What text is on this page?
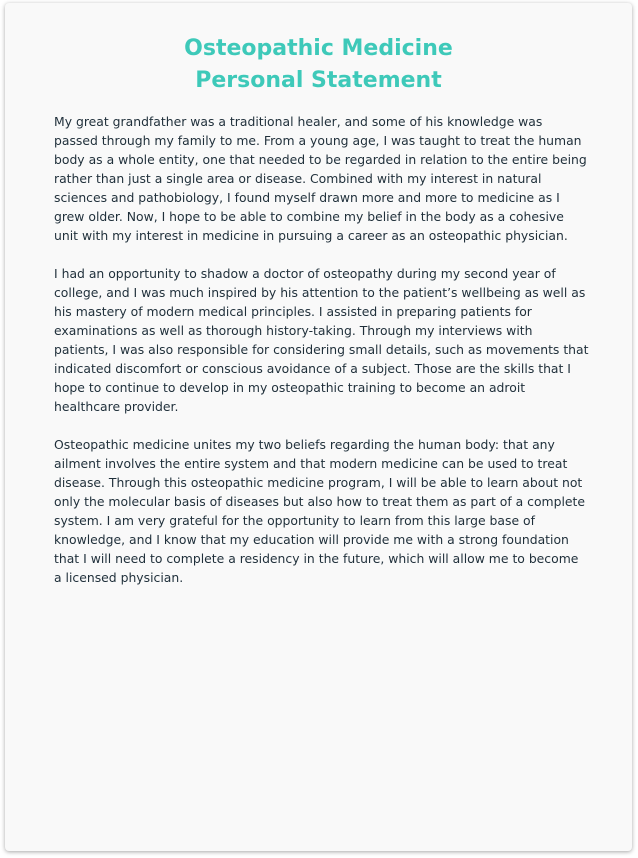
Osteopathic Medicine
Personal Statement

My great grandfather was a traditional healer, and some of his knowledge was passed through my family to me. From a young age, I was taught to treat the human body as a whole entity, one that needed to be regarded in relation to the entire being rather than just a single area or disease. Combined with my interest in natural sciences and pathobiology, I found myself drawn more and more to medicine as I grew older. Now, I hope to be able to combine my belief in the body as a cohesive unit with my interest in medicine in pursuing a career as an osteopathic physician.

I had an opportunity to shadow a doctor of osteopathy during my second year of college, and I was much inspired by his attention to the patient’s wellbeing as well as his mastery of modern medical principles. I assisted in preparing patients for examinations as well as thorough history-taking. Through my interviews with patients, I was also responsible for considering small details, such as movements that indicated discomfort or conscious avoidance of a subject. Those are the skills that I hope to continue to develop in my osteopathic training to become an adroit healthcare provider.

Osteopathic medicine unites my two beliefs regarding the human body: that any ailment involves the entire system and that modern medicine can be used to treat disease. Through this osteopathic medicine program, I will be able to learn about not only the molecular basis of diseases but also how to treat them as part of a complete system. I am very grateful for the opportunity to learn from this large base of knowledge, and I know that my education will provide me with a strong foundation that I will need to complete a residency in the future, which will allow me to become a licensed physician.
